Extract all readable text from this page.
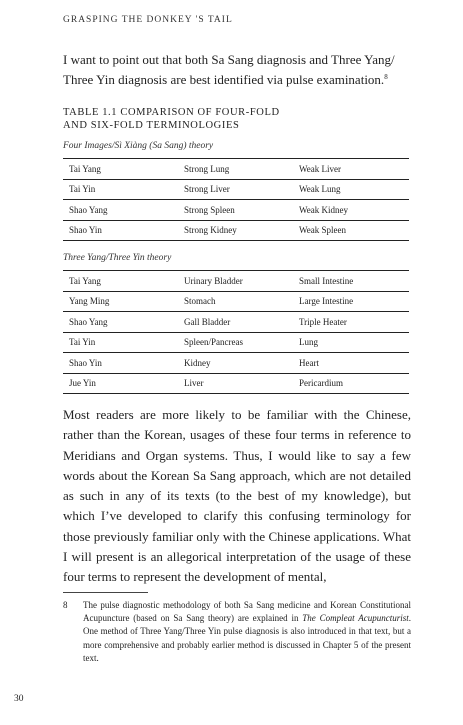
GRASPING THE DONKEY 'S TAIL

I want to point out that both Sa Sang diagnosis and Three Yang/ Three Yin diagnosis are best identified via pulse examination.$^8$

TABLE 1.1 COMPARISON OF FOUR-FOLD
AND SIX-FOLD TERMINOLOGIES
Four Images/Sì Xiàng (Sa Sang) theory
Tai Yang	Strong Lung	Weak Liver
Tai Yin	Strong Liver	Weak Lung
Shao Yang	Strong Spleen	Weak Kidney
Shao Yin	Strong Kidney	Weak Spleen
Three Yang/Three Yin theory
Tai Yang	Urinary Bladder	Small Intestine
Yang Ming	Stomach	Large Intestine
Shao Yang	Gall Bladder	Triple Heater
Tai Yin	Spleen/Pancreas	Lung
Shao Yin	Kidney	Heart
Jue Yin	Liver	Pericardium

Most readers are more likely to be familiar with the Chinese, rather than the Korean, usages of these four terms in reference to Meridians and Organ systems. Thus, I would like to say a few words about the Korean Sa Sang approach, which are not detailed as such in any of its texts (to the best of my knowledge), but which I’ve developed to clarify this confusing terminology for those previously familiar only with the Chinese applications. What I will present is an allegorical interpretation of the usage of these four terms to represent the development of mental,

8 The pulse diagnostic methodology of both Sa Sang medicine and Korean Constitutional Acupuncture (based on Sa Sang theory) are explained in The Compleat Acupuncturist. One method of Three Yang/Three Yin pulse diagnosis is also introduced in that text, but a more comprehensive and probably earlier method is discussed in Chapter 5 of the present text.

30
